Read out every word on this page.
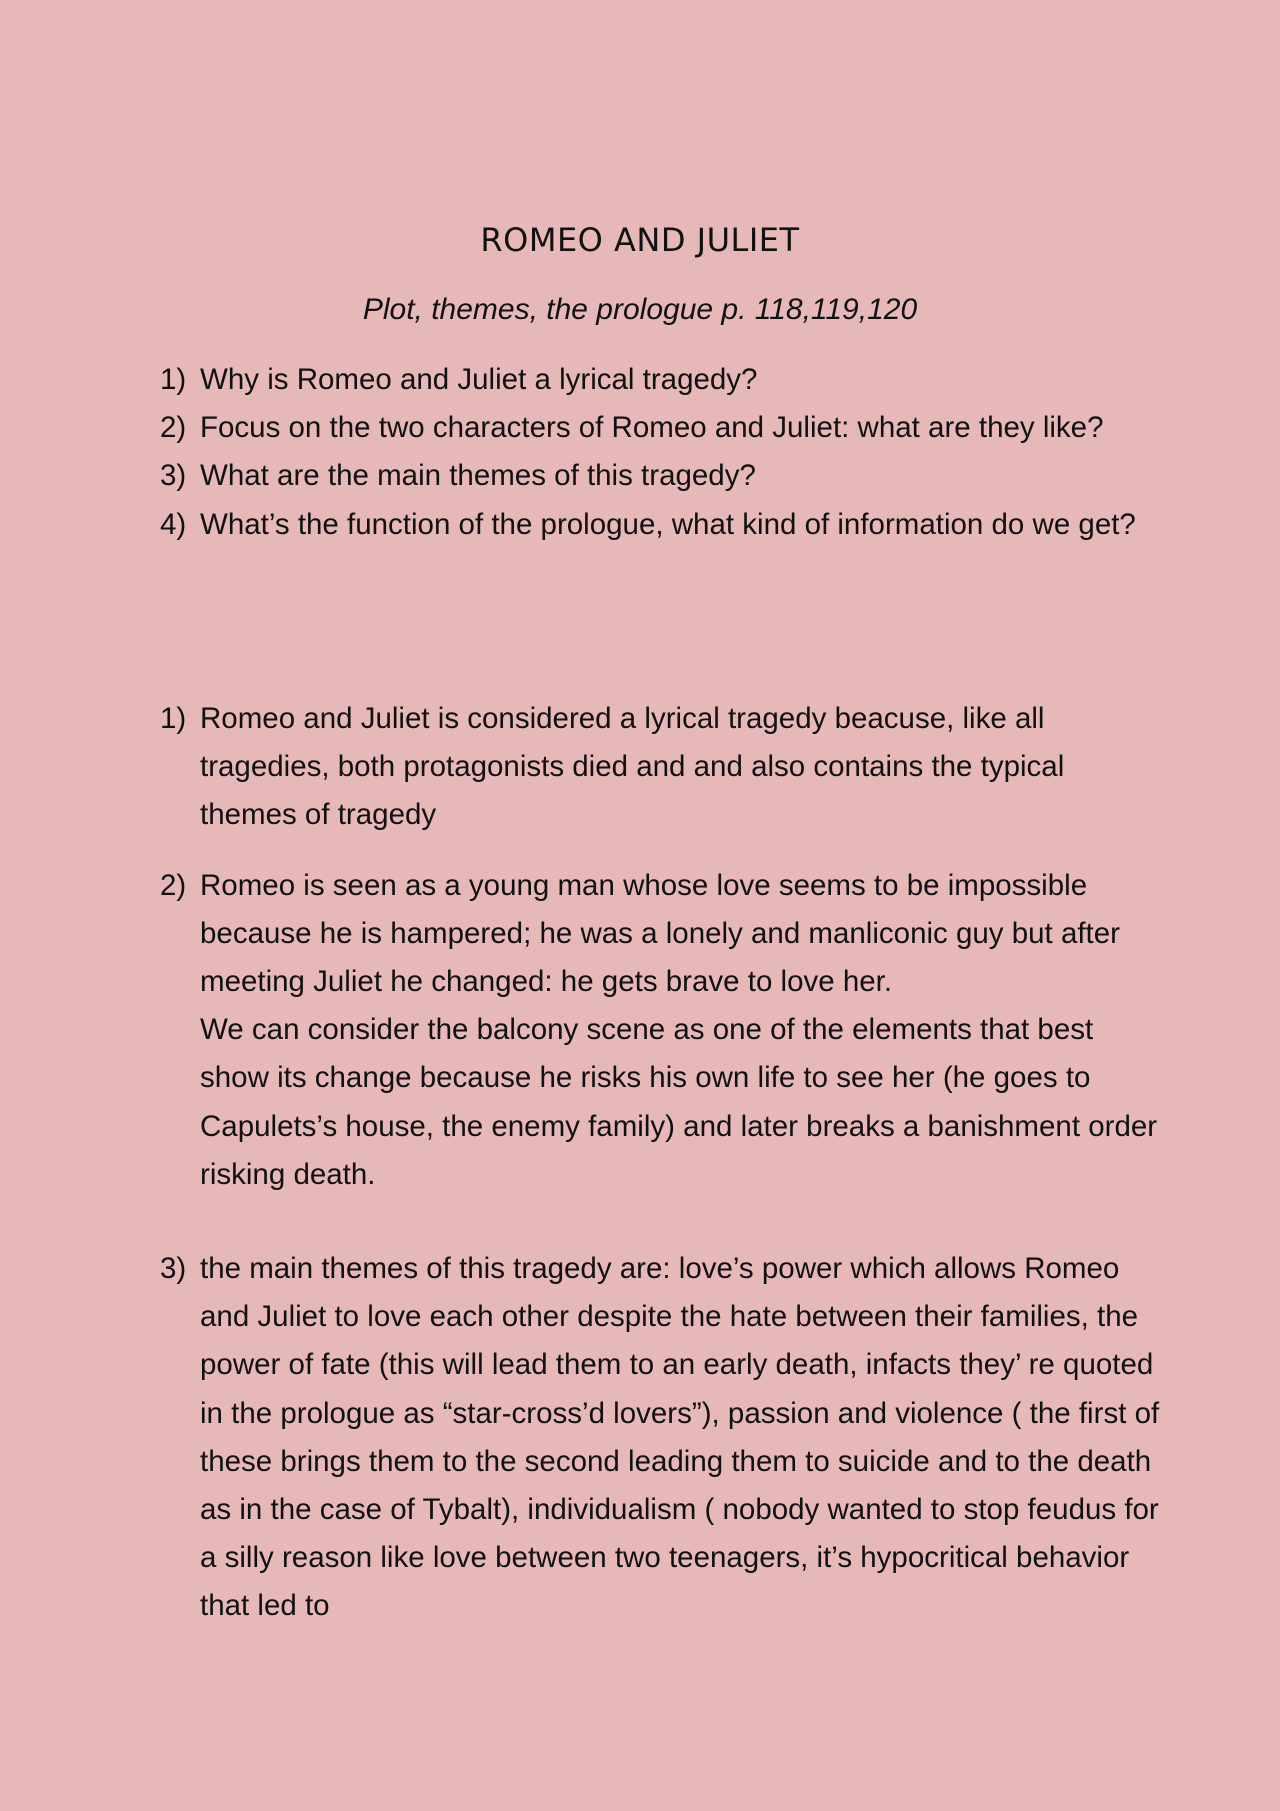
ROMEO AND JULIET
Plot, themes, the prologue p. 118,119,120
1) Why is Romeo and Juliet a lyrical tragedy?
2) Focus on the two characters of Romeo and Juliet: what are they like?
3) What are the main themes of this tragedy?
4) What’s the function of the prologue, what kind of information do we get?
1) Romeo and Juliet is considered a lyrical tragedy beacuse, like all tragedies, both protagonists died and and also contains the typical themes of tragedy

2) Romeo is seen as a young man whose love seems to be impossible because he is hampered; he was a lonely and manliconic guy but after meeting Juliet he changed: he gets brave to love her.

We can consider the balcony scene as one of the elements that best show its change because he risks his own life to see her (he goes to Capulets’s house, the enemy family) and later breaks a banishment order risking death.

3) the main themes of this tragedy are: love’s power which allows Romeo and Juliet to love each other despite the hate between their families, the power of fate (this will lead them to an early death, infacts they’ re quoted in the prologue as “star-cross’d lovers”), passion and violence ( the first of these brings them to the second leading them to suicide and to the death as in the case of Tybalt), individualism ( nobody wanted to stop feudus for a silly reason like love between two teenagers, it’s hypocritical behavior that led to
